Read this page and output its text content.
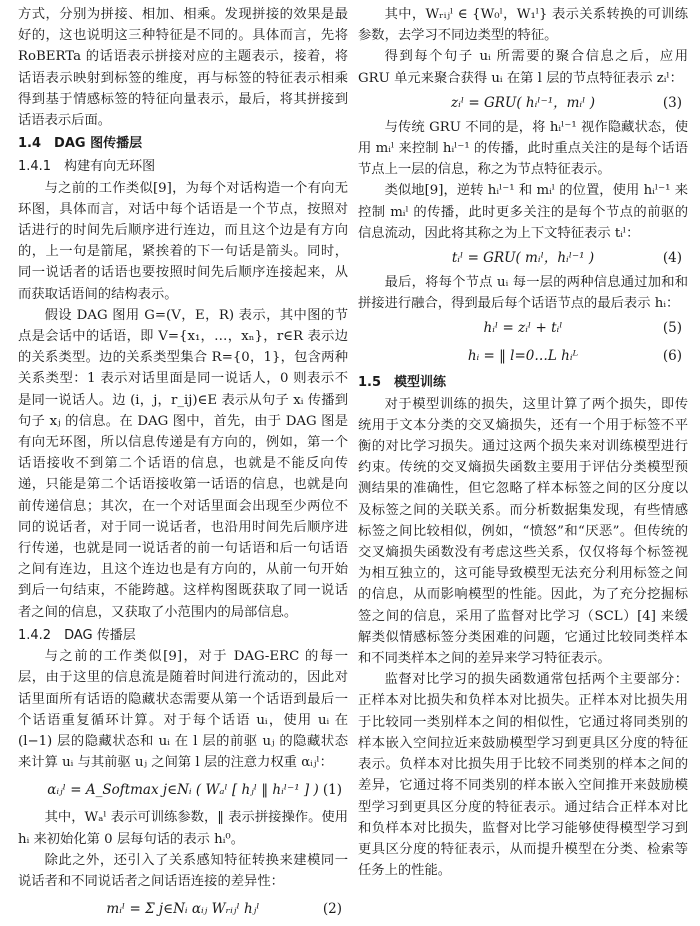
方式，分别为拼接、相加、相乘。发现拼接的效果是最好的，这也说明这三种特征是不同的。具体而言，先将 RoBERTa 的话语表示拼接对应的主题表示，接着，将话语表示映射到标签的维度，再与标签的特征表示相乘得到基于情感标签的特征向量表示，最后，将其拼接到话语表示后面。

1.4　DAG 图传播层
1.4.1　构建有向无环图

与之前的工作类似[9]，为每个对话构造一个有向无环图，具体而言，对话中每个话语是一个节点，按照对话进行的时间先后顺序进行连边，而且这个边是有方向的，上一句是箭尾，紧挨着的下一句话是箭头。同时，同一说话者的话语也要按照时间先后顺序连接起来，从而获取话语间的结构表示。

假设 DAG 图用 G=(V，E，R) 表示，其中图的节点是会话中的话语，即 V={x₁，…，xₙ}，r∈R 表示边的关系类型。边的关系类型集合 R={0，1}，包含两种关系类型：1 表示对话里面是同一说话人，0 则表示不是同一说话人。边 (i，j，r_ij)∈E 表示从句子 xᵢ 传播到句子 xⱼ 的信息。在 DAG 图中，首先，由于 DAG 图是有向无环图，所以信息传递是有方向的，例如，第一个话语接收不到第二个话语的信息，也就是不能反向传递，只能是第二个话语接收第一话语的信息，也就是向前传递信息；其次，在一个对话里面会出现至少两位不同的说话者，对于同一说话者，也沿用时间先后顺序进行传递，也就是同一说话者的前一句话语和后一句话语之间有连边，且这个连边也是有方向的，从前一句开始到后一句结束，不能跨越。这样构图既获取了同一说话者之间的信息，又获取了小范围内的局部信息。

1.4.2　DAG 传播层

与之前的工作类似[9]，对于 DAG-ERC 的每一层，由于这里的信息流是随着时间进行流动的，因此对话里面所有话语的隐藏状态需要从第一个话语到最后一个话语重复循环计算。对于每个话语 uᵢ，使用 uᵢ 在 (l−1) 层的隐藏状态和 uᵢ 在 l 层的前驱 uⱼ 的隐藏状态来计算 uᵢ 与其前驱 uⱼ 之间第 l 层的注意力权重 αᵢⱼˡ：

αᵢⱼˡ = A_Softmax j∈Nᵢ ( Wₐˡ [ hⱼˡ ‖ hᵢˡ⁻¹ ] ) (1)

其中，Wₐˡ 表示可训练参数，‖ 表示拼接操作。使用 hᵢ 来初始化第 0 层每句话的表示 hᵢ⁰。

除此之外，还引入了关系感知特征转换来建模同一说话者和不同说话者之间话语连接的差异性：

mᵢˡ = Σ j∈Nᵢ αᵢⱼ Wᵣᵢⱼˡ hⱼˡ	(2)

其中，Wᵣᵢⱼˡ ∈ {W₀ˡ，W₁ˡ} 表示关系转换的可训练参数，去学习不同边类型的特征。

得到每个句子 uᵢ 所需要的聚合信息之后，应用 GRU 单元来聚合获得 uᵢ 在第 l 层的节点特征表示 zᵢˡ：

zᵢˡ = GRU( hᵢˡ⁻¹，mᵢˡ )	(3)

与传统 GRU 不同的是，将 hᵢˡ⁻¹ 视作隐藏状态，使用 mᵢˡ 来控制 hᵢˡ⁻¹ 的传播，此时重点关注的是每个话语节点上一层的信息，称之为节点特征表示。

类似地[9]，逆转 hᵢˡ⁻¹ 和 mᵢˡ 的位置，使用 hᵢˡ⁻¹ 来控制 mᵢˡ 的传播，此时更多关注的是每个节点的前驱的信息流动，因此将其称之为上下文特征表示 tᵢˡ：

tᵢˡ = GRU( mᵢˡ，hᵢˡ⁻¹ )	(4)

最后，将每个节点 uᵢ 每一层的两种信息通过加和和拼接进行融合，得到最后每个话语节点的最后表示 hᵢ：

hᵢˡ = zᵢˡ + tᵢˡ	(5)
hᵢ = ‖ l=0…L hᵢᴸ	(6)
1.5　模型训练

对于模型训练的损失，这里计算了两个损失，即传统用于文本分类的交叉熵损失，还有一个用于标签不平衡的对比学习损失。通过这两个损失来对训练模型进行约束。传统的交叉熵损失函数主要用于评估分类模型预测结果的准确性，但它忽略了样本标签之间的区分度以及标签之间的关联关系。而分析数据集发现，有些情感标签之间比较相似，例如，“愤怒”和“厌恶”。但传统的交叉熵损失函数没有考虑这些关系，仅仅将每个标签视为相互独立的，这可能导致模型无法充分利用标签之间的信息，从而影响模型的性能。因此，为了充分挖掘标签之间的信息，采用了监督对比学习（SCL）[4] 来缓解类似情感标签分类困难的问题，它通过比较同类样本和不同类样本之间的差异来学习特征表示。

监督对比学习的损失函数通常包括两个主要部分：正样本对比损失和负样本对比损失。正样本对比损失用于比较同一类别样本之间的相似性，它通过将同类别的样本嵌入空间拉近来鼓励模型学习到更具区分度的特征表示。负样本对比损失用于比较不同类别的样本之间的差异，它通过将不同类别的样本嵌入空间推开来鼓励模型学习到更具区分度的特征表示。通过结合正样本对比和负样本对比损失，监督对比学习能够使得模型学习到更具区分度的特征表示，从而提升模型在分类、检索等任务上的性能。
